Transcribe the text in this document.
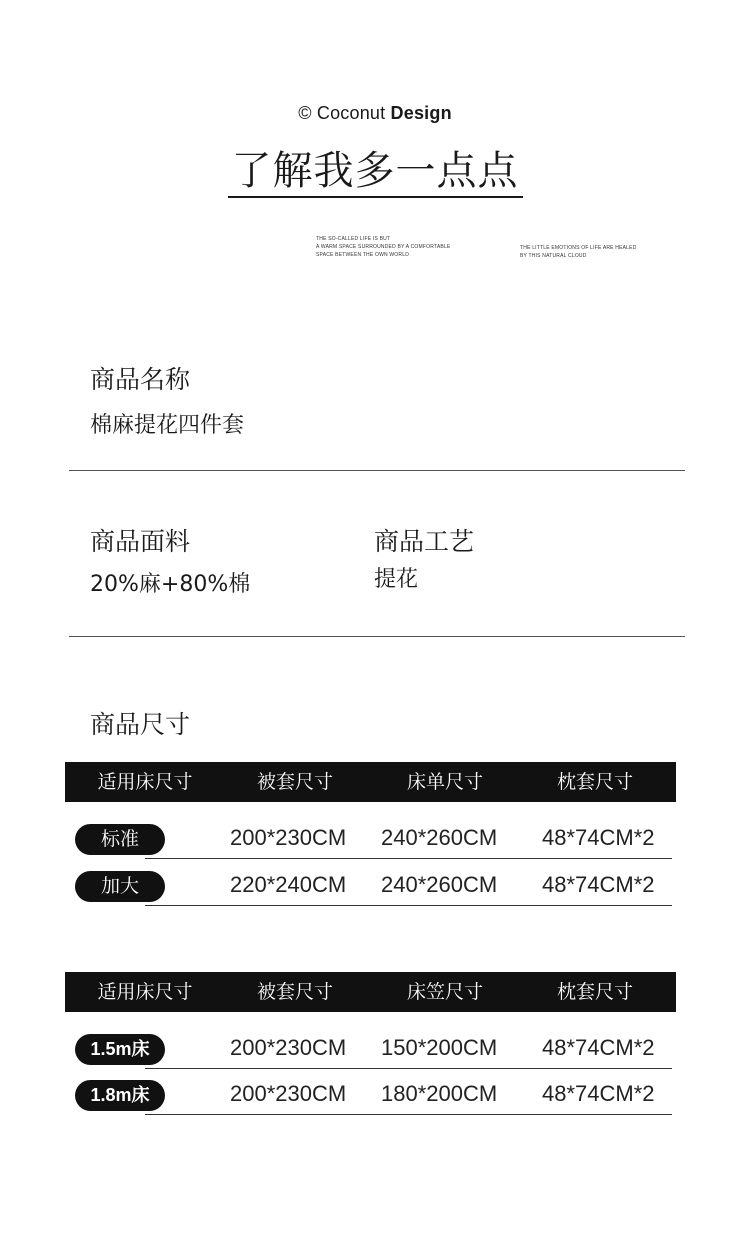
© Coconut Design
了解我多一点点
THE SO-CALLED LIFE IS BUT
A WARM SPACE SURROUNDED BY A COMFORTABLE
SPACE BETWEEN THE OWN WORLD
THE LITTLE EMOTIONS OF LIFE ARE HEALED
BY THIS NATURAL CLOUD
商品名称
棉麻提花四件套
商品面料
20%麻+80%棉
商品工艺
提花
商品尺寸
适用床尺寸	被套尺寸	床单尺寸	枕套尺寸
标准	200*230CM 240*260CM 48*74CM*2
加大	220*240CM 240*260CM 48*74CM*2
适用床尺寸	被套尺寸	床笠尺寸	枕套尺寸
1.5m床	200*230CM 150*200CM 48*74CM*2
1.8m床	200*230CM 180*200CM 48*74CM*2
